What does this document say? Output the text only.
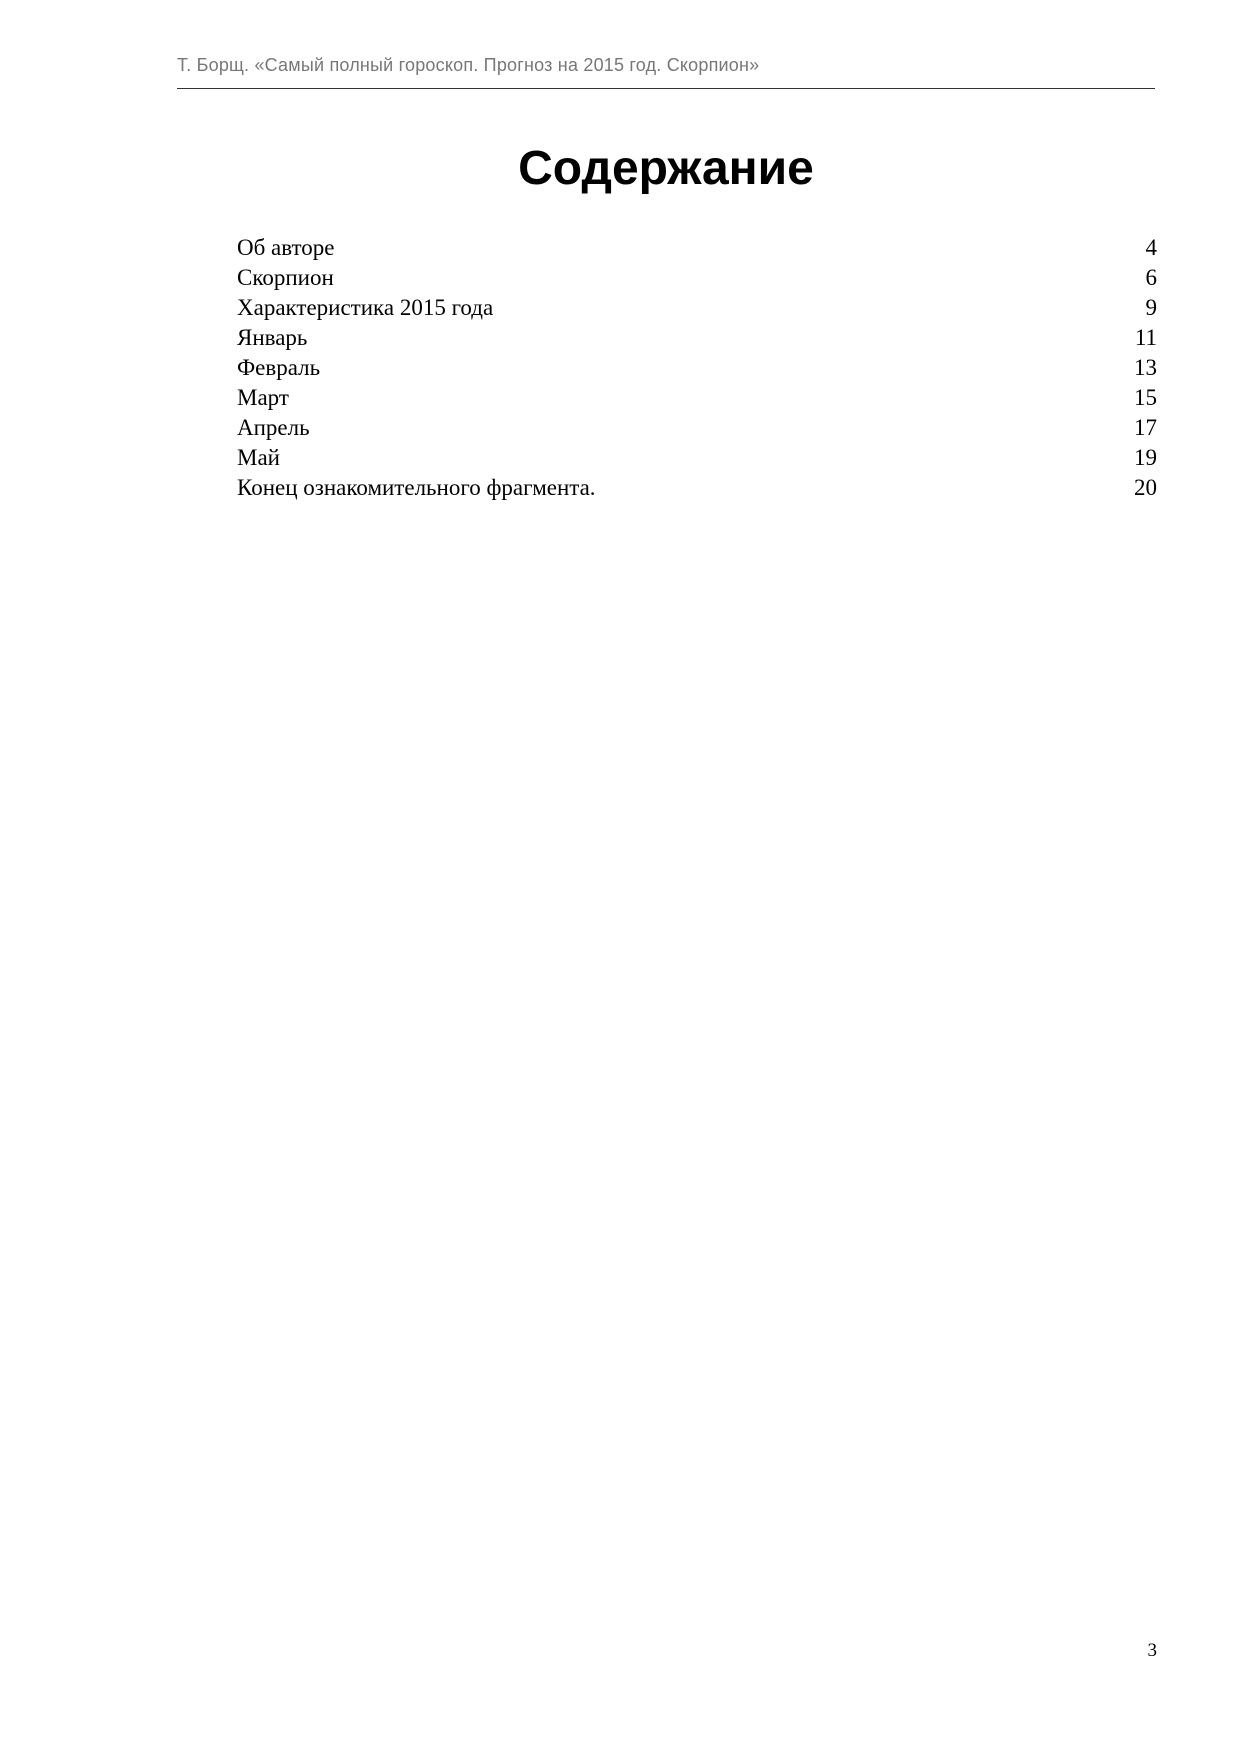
Т. Борщ. «Самый полный гороскоп. Прогноз на 2015 год. Скорпион»
Содержание
Об авторе	4
Скорпион	6
Характеристика 2015 года	9
Январь	11
Февраль	13
Март	15
Апрель	17
Май	19
Конец ознакомительного фрагмента.	20
3
